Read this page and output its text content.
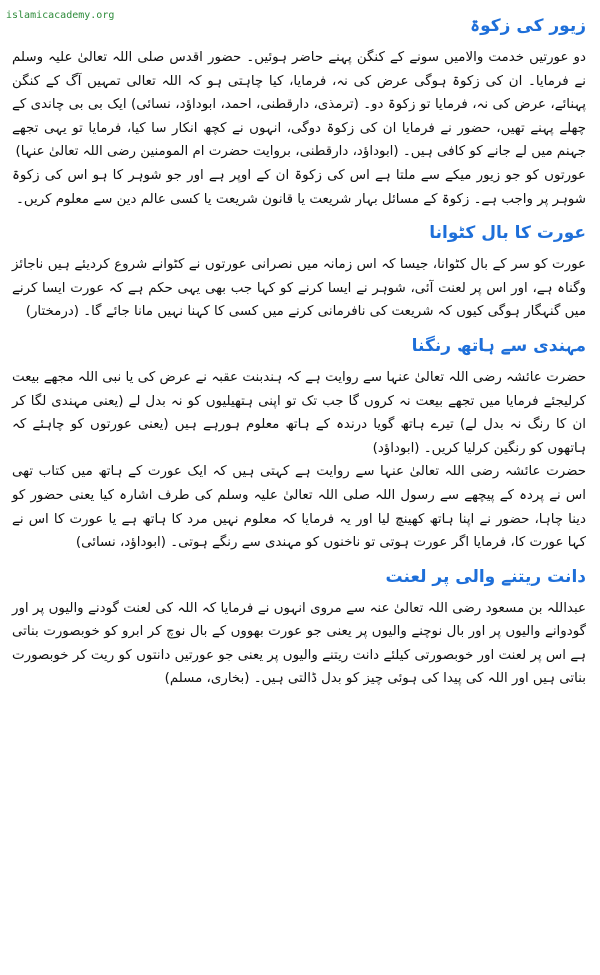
islamicacademy.org
زیور کی زکوۃ

دو عورتیں خدمت والامیں سونے کے کنگن پہنے حاضر ہوئیں۔ حضور اقدس صلی اللہ تعالیٰ علیہ وسلم نے فرمایا۔ ان کی زکوۃ ہوگی عرض کی نہ، فرمایا، کیا چاہتی ہو کہ اللہ تعالی تمہیں آگ کے کنگن پہنائے، عرض کی نہ، فرمایا تو زکوۃ دو۔ (ترمذی، دارقطنی، احمد، ابوداؤد، نسائی) ایک بی بی چاندی کے چھلے پہنے تھیں، حضور نے فرمایا ان کی زکوۃ دوگی، انہوں نے کچھ انکار سا کیا، فرمایا تو یہی تجھے جہنم میں لے جانے کو کافی ہیں۔ (ابوداؤد، دارقطنی، بروایت حضرت ام المومنین رضی اللہ تعالیٰ عنہا)

عورتوں کو جو زیور میکے سے ملتا ہے اس کی زکوۃ ان کے اوپر ہے اور جو شوہر کا ہو اس کی زکوۃ شوہر پر واجب ہے۔ زکوۃ کے مسائل بہار شریعت یا قانون شریعت یا کسی عالم دین سے معلوم کریں۔

عورت کا بال کٹوانا

عورت کو سر کے بال کٹوانا، جیسا کہ اس زمانہ میں نصرانی عورتوں نے کٹوانے شروع کردیئے ہیں ناجائز وگناہ ہے، اور اس پر لعنت آئی، شوہر نے ایسا کرنے کو کہا جب بھی یہی حکم ہے کہ عورت ایسا کرنے میں گنہگار ہوگی کیوں کہ شریعت کی نافرمانی کرنے میں کسی کا کہنا نہیں مانا جائے گا۔ (درمختار)

مہندی سے ہاتھ رنگنا

حضرت عائشہ رضی اللہ تعالیٰ عنہا سے روایت ہے کہ ہندبنت عقبہ نے عرض کی یا نبی اللہ مجھے بیعت کرلیجئے فرمایا میں تجھے بیعت نہ کروں گا جب تک تو اپنی ہتھیلیوں کو نہ بدل لے (یعنی مہندی لگا کر ان کا رنگ نہ بدل لے) تیرے ہاتھ گویا درندہ کے ہاتھ معلوم ہورہے ہیں (یعنی عورتوں کو چاہئے کہ ہاتھوں کو رنگین کرلیا کریں۔ (ابوداؤد)

حضرت عائشہ رضی اللہ تعالیٰ عنہا سے روایت ہے کہتی ہیں کہ ایک عورت کے ہاتھ میں کتاب تھی اس نے پردہ کے پیچھے سے رسول اللہ صلی اللہ تعالیٰ علیہ وسلم کی طرف اشارہ کیا یعنی حضور کو دینا چاہا، حضور نے اپنا ہاتھ کھینچ لیا اور یہ فرمایا کہ معلوم نہیں مرد کا ہاتھ ہے یا عورت کا اس نے کہا عورت کا، فرمایا اگر عورت ہوتی تو ناخنوں کو مہندی سے رنگے ہوتی۔ (ابوداؤد، نسائی)

دانت ریتنے والی پر لعنت

عبداللہ بن مسعود رضی اللہ تعالیٰ عنہ سے مروی انہوں نے فرمایا کہ اللہ کی لعنت گودنے والیوں پر اور گودوانے والیوں پر اور بال نوچنے والیوں پر یعنی جو عورت بھووں کے بال نوچ کر ابرو کو خوبصورت بناتی ہے اس پر لعنت اور خوبصورتی کیلئے دانت ریتنے والیوں پر یعنی جو عورتیں دانتوں کو ریت کر خوبصورت بناتی ہیں اور اللہ کی پیدا کی ہوئی چیز کو بدل ڈالتی ہیں۔ (بخاری، مسلم)
